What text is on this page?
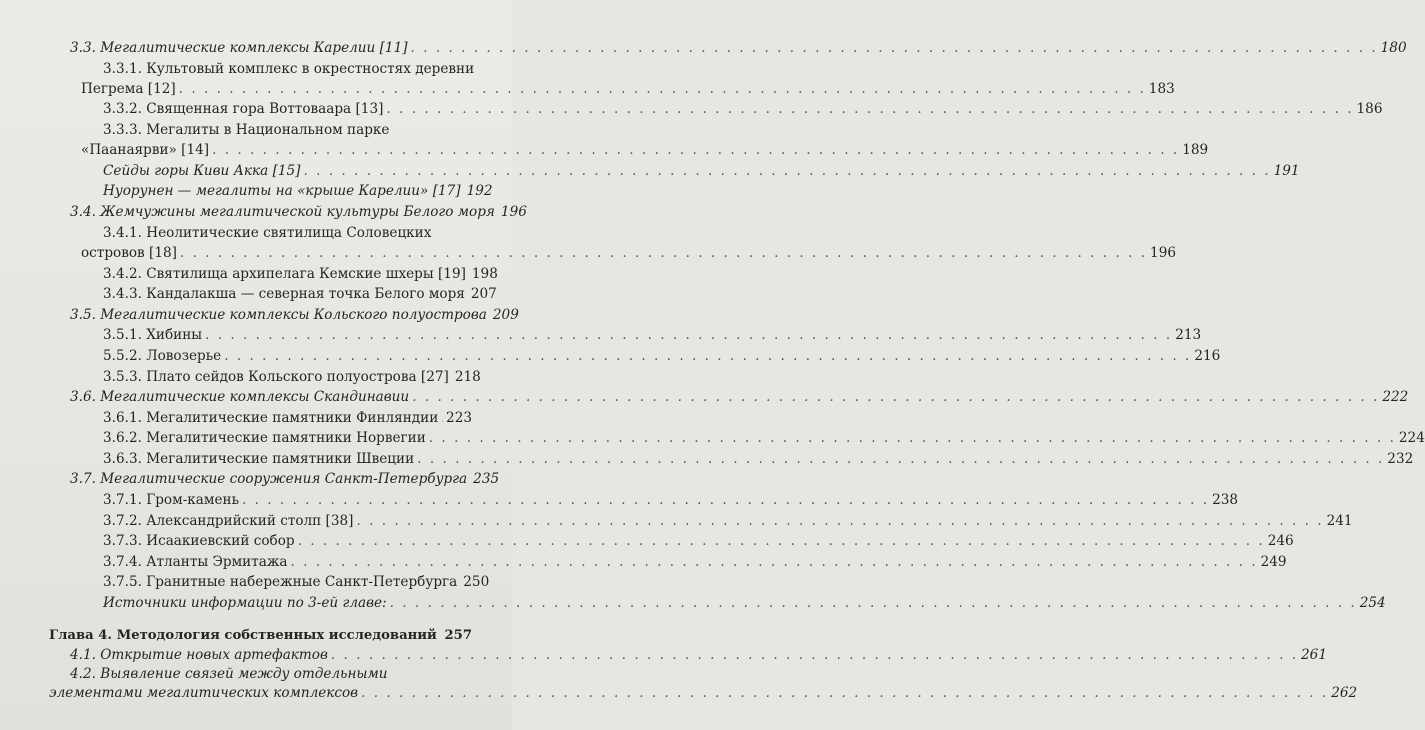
3.3. Мегалитические комплексы Карелии [11] . . .	180
3.3.1. Культовый комплекс в окрестностях деревни
Пегрема [12] . . .	183
3.3.2. Священная гора Воттоваара [13] . . .	186
3.3.3. Мегалиты в Национальном парке
«Паанаярви» [14] . . .	189
Сейды горы Киви Акка [15] . . .	191
Нуорунен — мегалиты на «крыше Карелии» [17] 192
3.4. Жемчужины мегалитической культуры Белого моря 196
3.4.1. Неолитические святилища Соловецких
островов [18] . . .	196
3.4.2. Святилища архипелага Кемские шхеры [19] 198
3.4.3. Кандалакша — северная точка Белого моря 207
3.5. Мегалитические комплексы Кольского полуострова 209
3.5.1. Хибины . . .	213
5.5.2. Ловозерье . . .	216
3.5.3. Плато сейдов Кольского полуострова [27] 218
3.6. Мегалитические комплексы Скандинавии . . .	222
3.6.1. Мегалитические памятники Финляндии . . . 223
3.6.2. Мегалитические памятники Норвегии . . .	224
3.6.3. Мегалитические памятники Швеции . . .	232
3.7. Мегалитические сооружения Санкт-Петербурга 235
3.7.1. Гром-камень . . .	238
3.7.2. Александрийский столп [38] . . .	241
3.7.3. Исаакиевский собор . . .	246
3.7.4. Атланты Эрмитажа . . .	249
3.7.5. Гранитные набережные Санкт-Петербурга 250
Источники информации по 3-ей главе: . . .	254
Глава 4. Методология собственных исследований . . . 257
4.1. Открытие новых артефактов . . .	261
4.2. Выявление связей между отдельными
элементами мегалитических комплексов . . .	262
